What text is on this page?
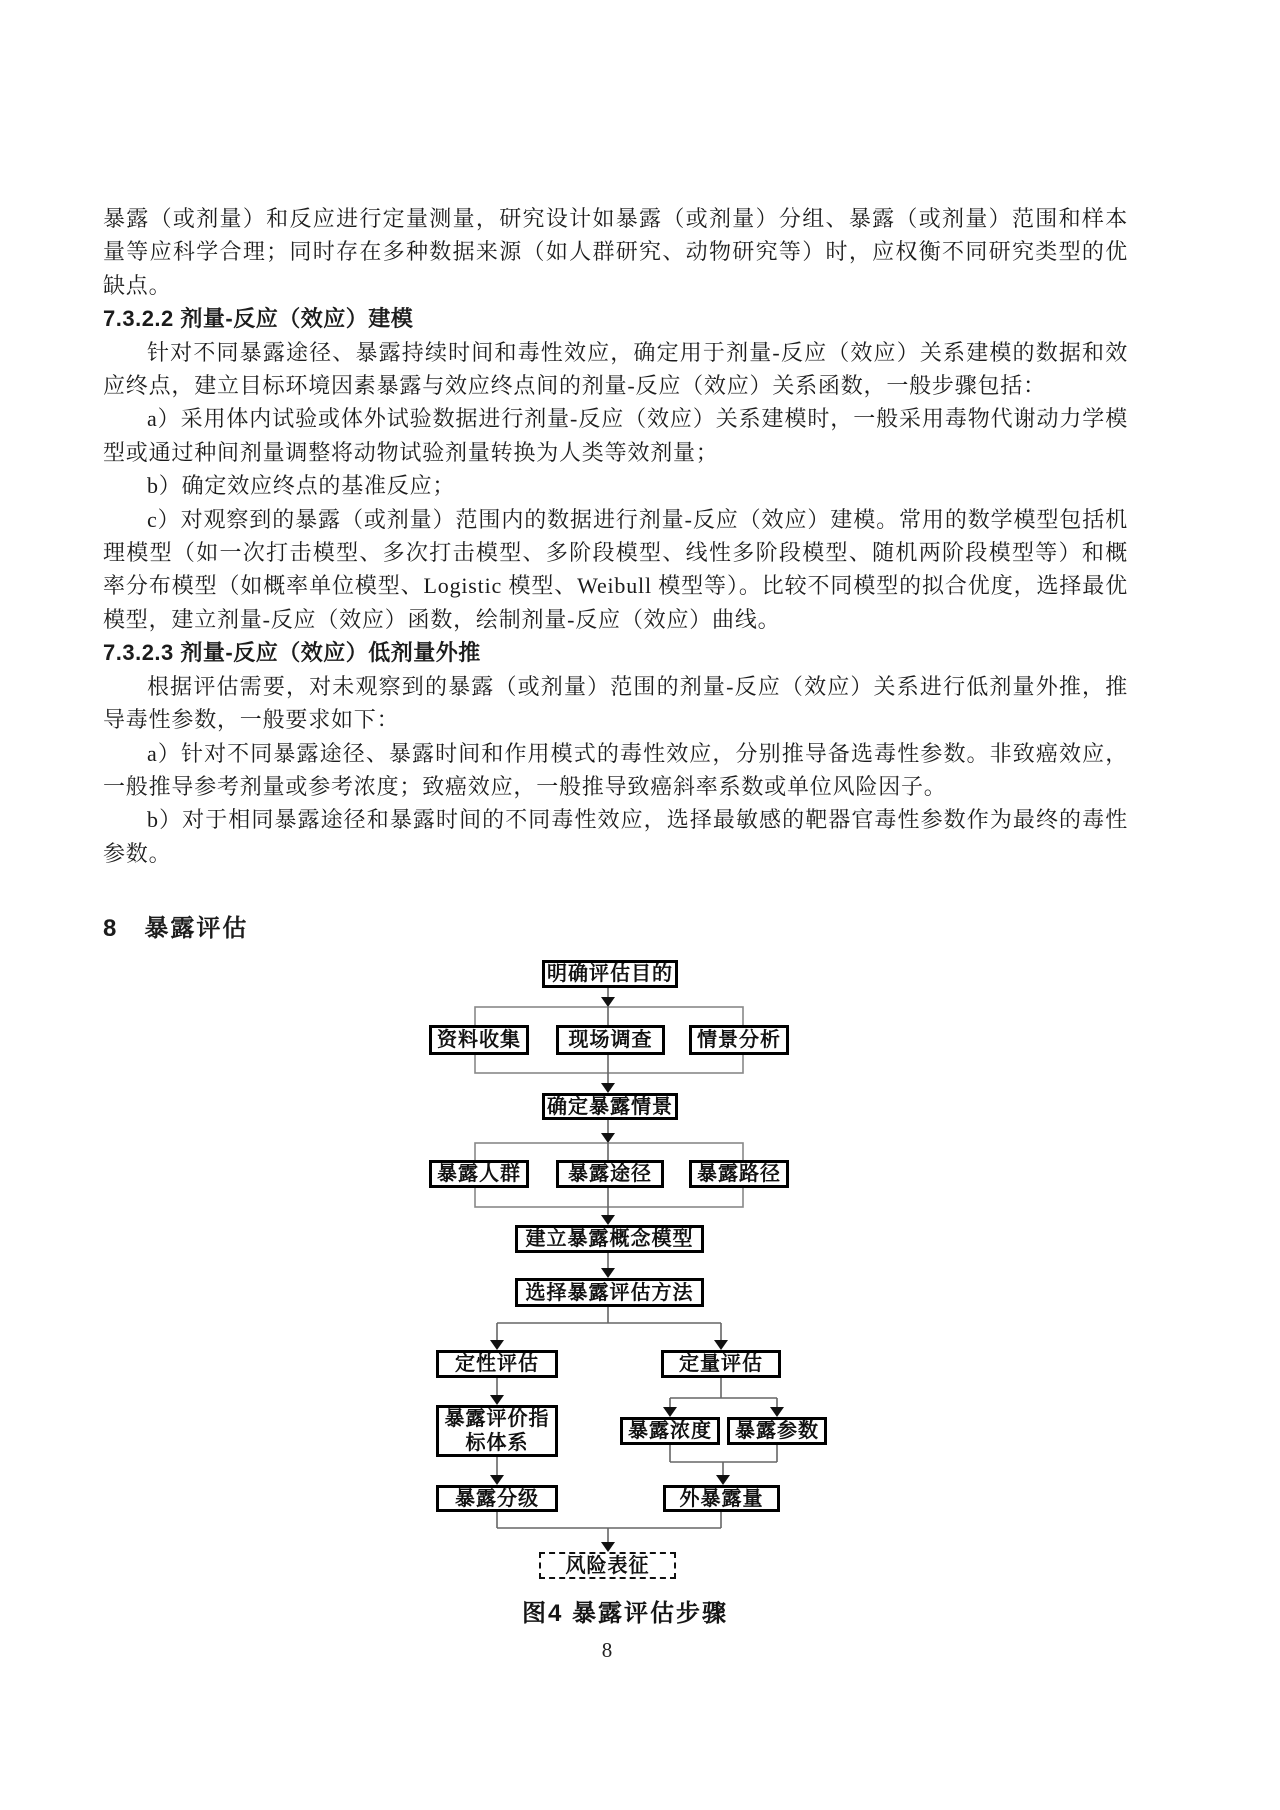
暴露（或剂量）和反应进行定量测量，研究设计如暴露（或剂量）分组、暴露（或剂量）范围和样本量等应科学合理；同时存在多种数据来源（如人群研究、动物研究等）时，应权衡不同研究类型的优缺点。

7.3.2.2 剂量-反应（效应）建模

针对不同暴露途径、暴露持续时间和毒性效应，确定用于剂量-反应（效应）关系建模的数据和效应终点，建立目标环境因素暴露与效应终点间的剂量-反应（效应）关系函数，一般步骤包括：

a）采用体内试验或体外试验数据进行剂量-反应（效应）关系建模时，一般采用毒物代谢动力学模型或通过种间剂量调整将动物试验剂量转换为人类等效剂量；

b）确定效应终点的基准反应；

c）对观察到的暴露（或剂量）范围内的数据进行剂量-反应（效应）建模。常用的数学模型包括机理模型（如一次打击模型、多次打击模型、多阶段模型、线性多阶段模型、随机两阶段模型等）和概率分布模型（如概率单位模型、Logistic 模型、Weibull 模型等）。比较不同模型的拟合优度，选择最优模型，建立剂量-反应（效应）函数，绘制剂量-反应（效应）曲线。

7.3.2.3 剂量-反应（效应）低剂量外推

根据评估需要，对未观察到的暴露（或剂量）范围的剂量-反应（效应）关系进行低剂量外推，推导毒性参数，一般要求如下：

a）针对不同暴露途径、暴露时间和作用模式的毒性效应，分别推导备选毒性参数。非致癌效应，一般推导参考剂量或参考浓度；致癌效应，一般推导致癌斜率系数或单位风险因子。

b）对于相同暴露途径和暴露时间的不同毒性效应，选择最敏感的靶器官毒性参数作为最终的毒性参数。

8　暴露评估
明确评估目的
资料收集	现场调查	情景分析
确定暴露情景
暴露人群	暴露途径	暴露路径
建立暴露概念模型
选择暴露评估方法
定性评估	定量评估
暴露评价指标体系
暴露浓度	暴露参数
暴露分级	外暴露量
风险表征

图4 暴露评估步骤

8
